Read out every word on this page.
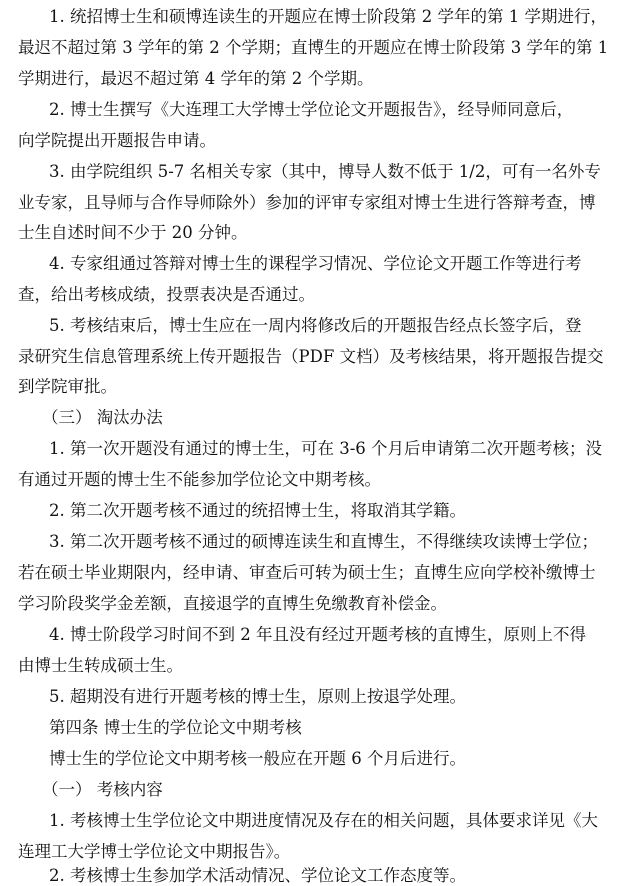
1. 统招博士生和硕博连读生的开题应在博士阶段第 2 学年的第 1 学期进行，
最迟不超过第 3 学年的第 2 个学期；直博生的开题应在博士阶段第 3 学年的第 1
学期进行，最迟不超过第 4 学年的第 2 个学期。
2. 博士生撰写《大连理工大学博士学位论文开题报告》，经导师同意后，
向学院提出开题报告申请。
3. 由学院组织 5-7 名相关专家（其中，博导人数不低于 1/2，可有一名外专
业专家，且导师与合作导师除外）参加的评审专家组对博士生进行答辩考查，博
士生自述时间不少于 20 分钟。
4. 专家组通过答辩对博士生的课程学习情况、学位论文开题工作等进行考
查，给出考核成绩，投票表决是否通过。
5. 考核结束后，博士生应在一周内将修改后的开题报告经点长签字后，登
录研究生信息管理系统上传开题报告（PDF 文档）及考核结果，将开题报告提交
到学院审批。
（三） 淘汰办法
1. 第一次开题没有通过的博士生，可在 3-6 个月后申请第二次开题考核；没
有通过开题的博士生不能参加学位论文中期考核。
2. 第二次开题考核不通过的统招博士生，将取消其学籍。
3. 第二次开题考核不通过的硕博连读生和直博生，不得继续攻读博士学位；
若在硕士毕业期限内，经申请、审查后可转为硕士生；直博生应向学校补缴博士
学习阶段奖学金差额，直接退学的直博生免缴教育补偿金。
4. 博士阶段学习时间不到 2 年且没有经过开题考核的直博生，原则上不得
由博士生转成硕士生。
5. 超期没有进行开题考核的博士生，原则上按退学处理。
第四条 博士生的学位论文中期考核
博士生的学位论文中期考核一般应在开题 6 个月后进行。
（一） 考核内容
1. 考核博士生学位论文中期进度情况及存在的相关问题，具体要求详见《大
连理工大学博士学位论文中期报告》。
2. 考核博士生参加学术活动情况、学位论文工作态度等。
